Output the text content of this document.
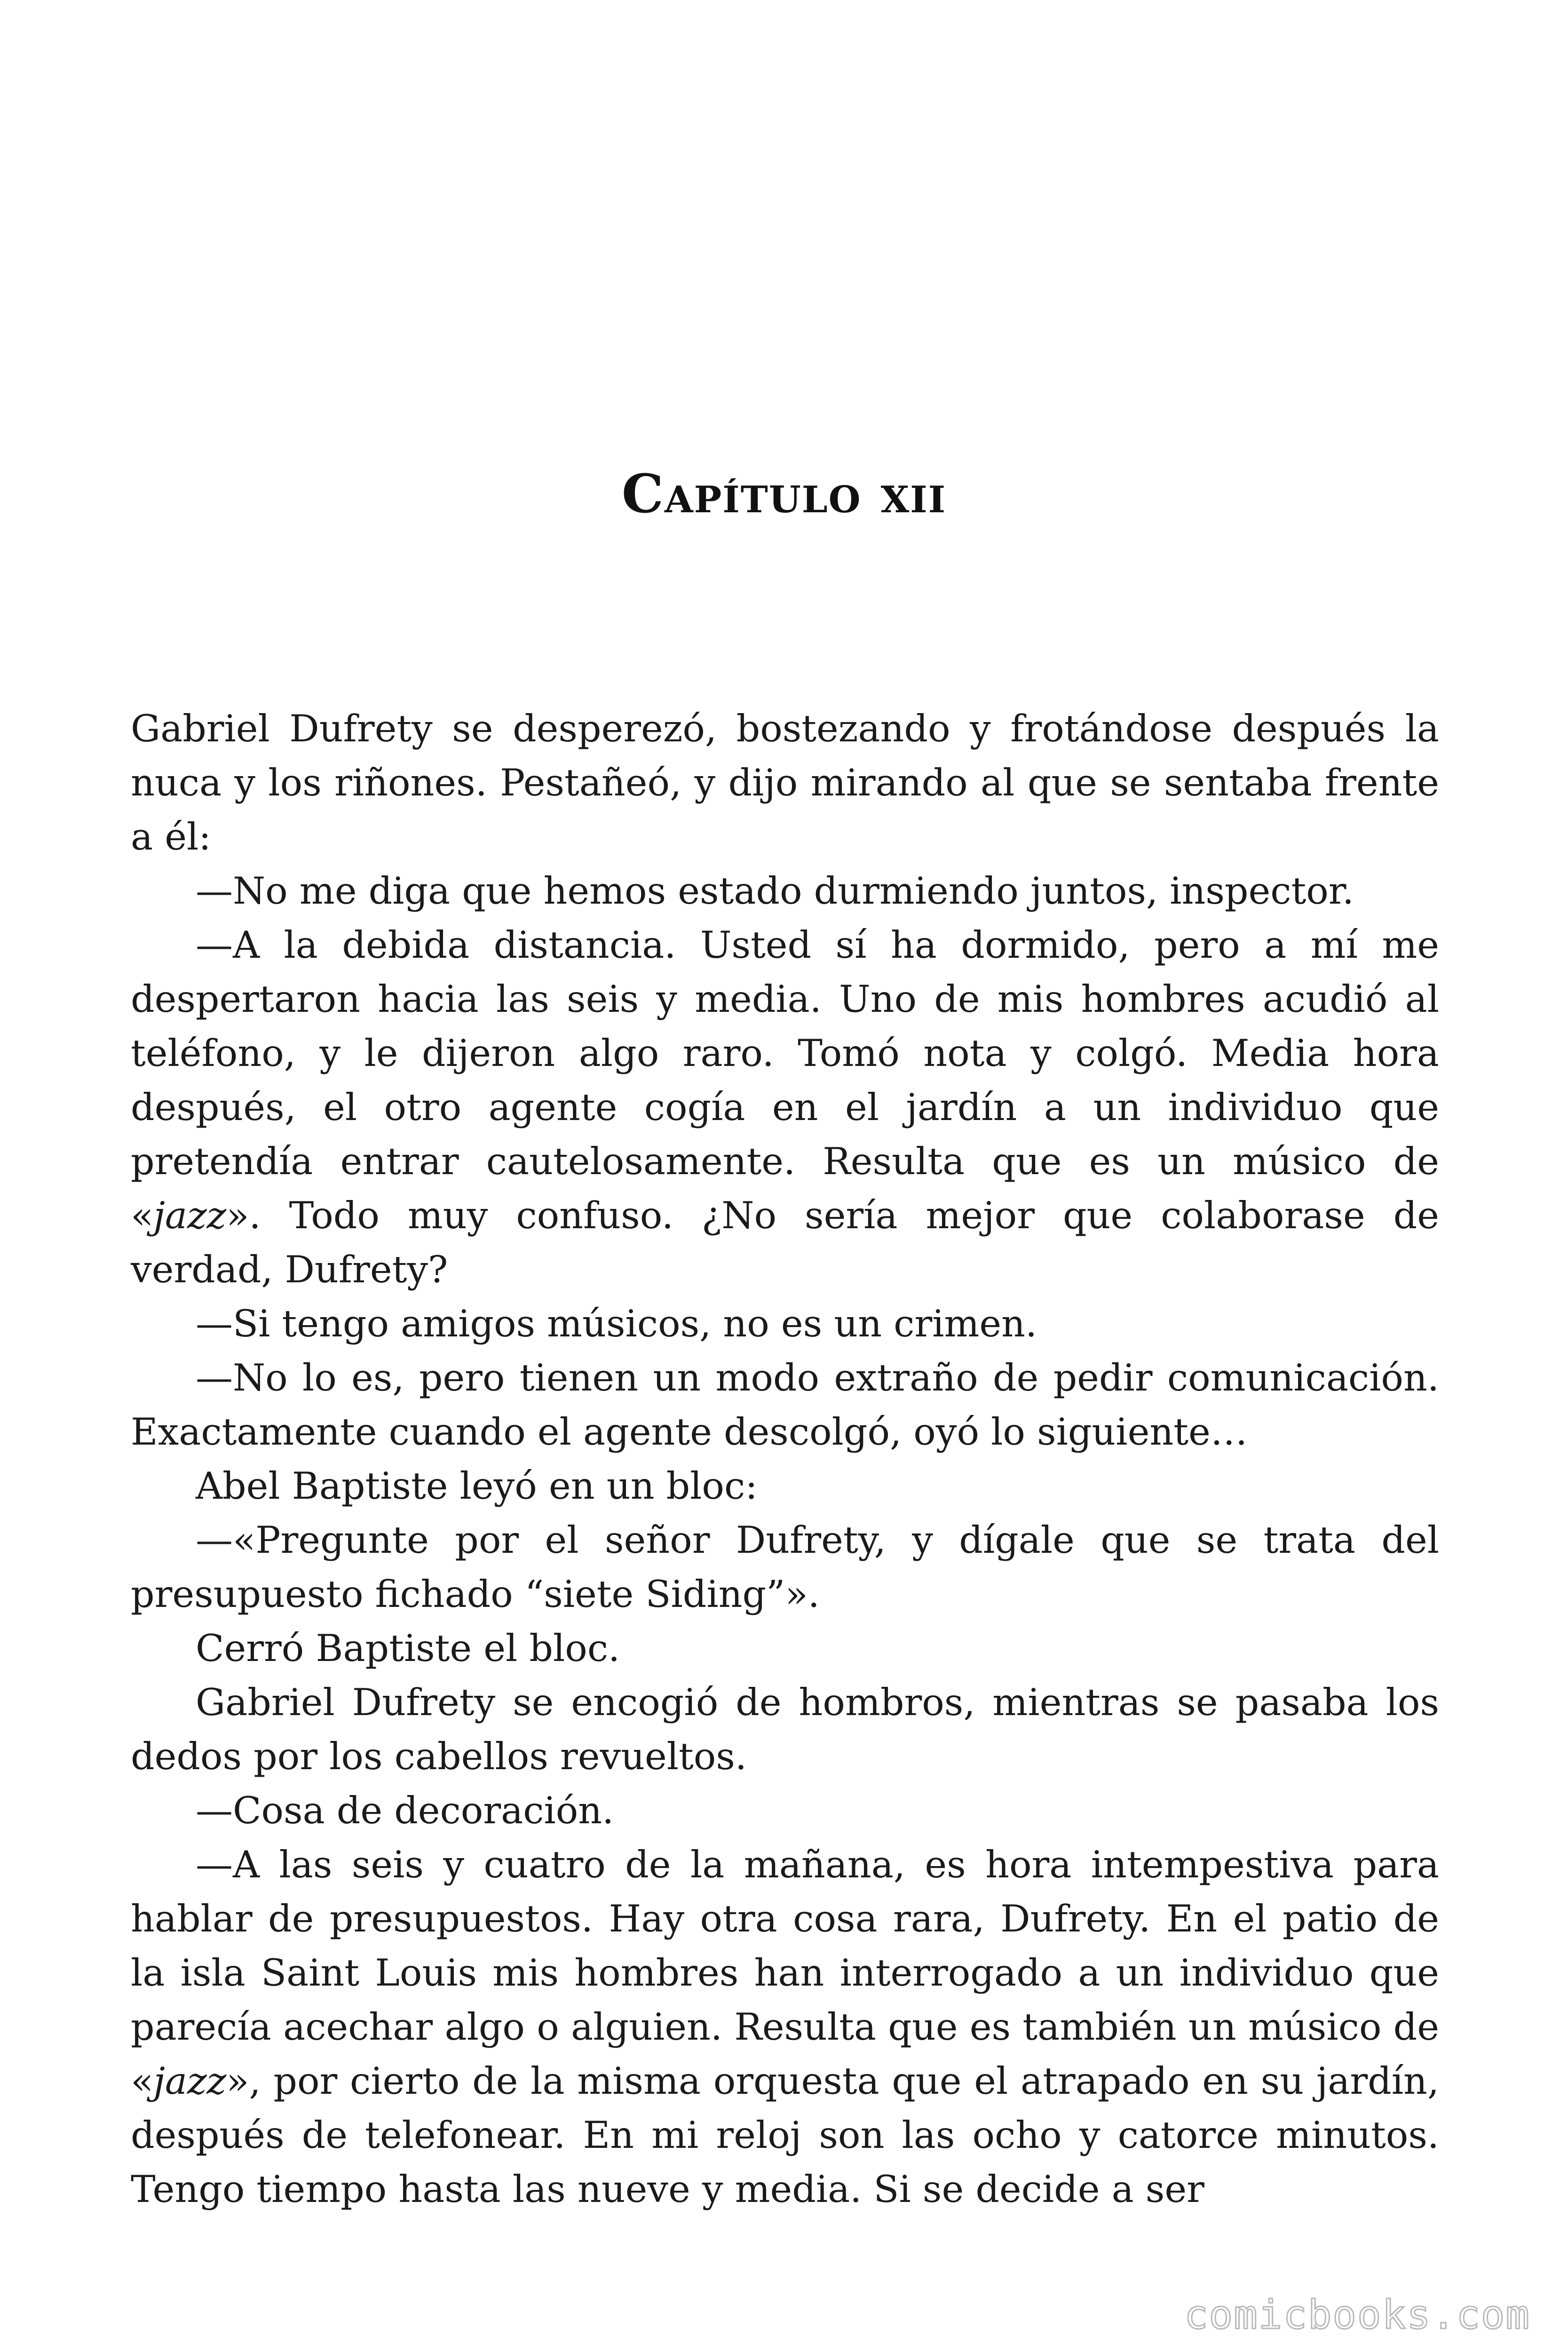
Capítulo xii

Gabriel Dufrety se desperezó, bostezando y frotándose después la nuca y los riñones. Pestañeó, y dijo mirando al que se sentaba frente a él:

—No me diga que hemos estado durmiendo juntos, inspector.

—A la debida distancia. Usted sí ha dormido, pero a mí me despertaron hacia las seis y media. Uno de mis hombres acudió al teléfono, y le dijeron algo raro. Tomó nota y colgó. Media hora después, el otro agente cogía en el jardín a un individuo que pretendía entrar cautelosamente. Resulta que es un músico de «jazz». Todo muy confuso. ¿No sería mejor que colaborase de verdad, Dufrety?

—Si tengo amigos músicos, no es un crimen.

—No lo es, pero tienen un modo extraño de pedir comunicación. Exactamente cuando el agente descolgó, oyó lo siguiente…

Abel Baptiste leyó en un bloc:

—«Pregunte por el señor Dufrety, y dígale que se trata del presupuesto fichado “siete Siding”».

Cerró Baptiste el bloc.

Gabriel Dufrety se encogió de hombros, mientras se pasaba los dedos por los cabellos revueltos.

—Cosa de decoración.

—A las seis y cuatro de la mañana, es hora intempestiva para hablar de presupuestos. Hay otra cosa rara, Dufrety. En el patio de la isla Saint Louis mis hombres han interrogado a un individuo que parecía acechar algo o alguien. Resulta que es también un músico de «jazz», por cierto de la misma orquesta que el atrapado en su jardín, después de telefonear. En mi reloj son las ocho y catorce minutos. Tengo tiempo hasta las nueve y media. Si se decide a ser

comicbooks.com
